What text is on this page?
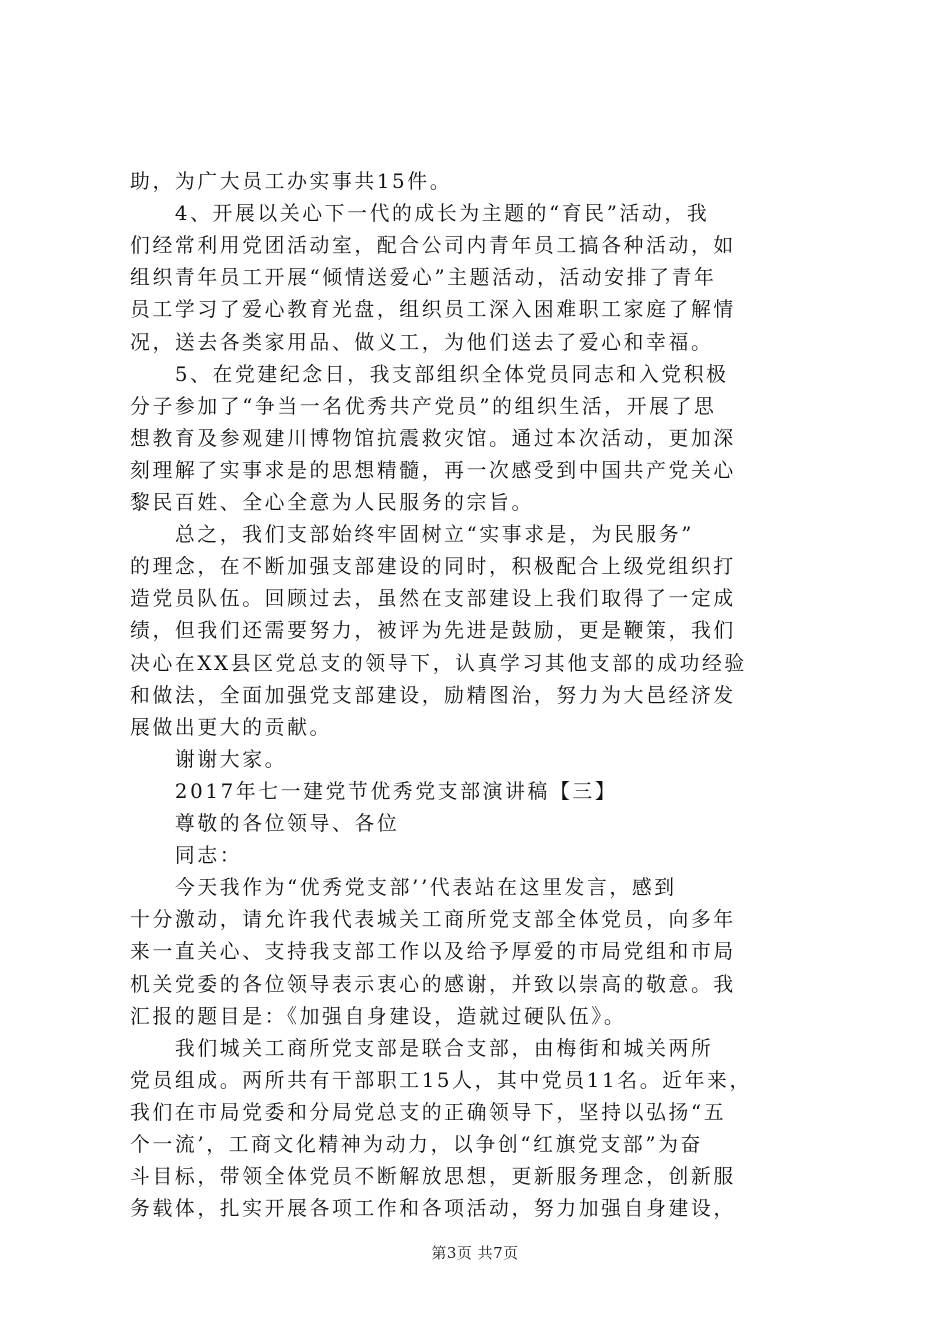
助，为广大员工办实事共15件。
　　4、开展以关心下一代的成长为主题的“育民”活动，我
们经常利用党团活动室，配合公司内青年员工搞各种活动，如
组织青年员工开展“倾情送爱心”主题活动，活动安排了青年
员工学习了爱心教育光盘，组织员工深入困难职工家庭了解情
况，送去各类家用品、做义工，为他们送去了爱心和幸福。
　　5、在党建纪念日，我支部组织全体党员同志和入党积极
分子参加了“争当一名优秀共产党员”的组织生活，开展了思
想教育及参观建川博物馆抗震救灾馆。通过本次活动，更加深
刻理解了实事求是的思想精髓，再一次感受到中国共产党关心
黎民百姓、全心全意为人民服务的宗旨。
　　总之，我们支部始终牢固树立“实事求是，为民服务”
的理念，在不断加强支部建设的同时，积极配合上级党组织打
造党员队伍。回顾过去，虽然在支部建设上我们取得了一定成
绩，但我们还需要努力，被评为先进是鼓励，更是鞭策，我们
决心在XX县区党总支的领导下，认真学习其他支部的成功经验
和做法，全面加强党支部建设，励精图治，努力为大邑经济发
展做出更大的贡献。
　　谢谢大家。
　　2017年七一建党节优秀党支部演讲稿【三】
　　尊敬的各位领导、各位
　　同志：
　　今天我作为“优秀党支部’’代表站在这里发言，感到
十分激动，请允许我代表城关工商所党支部全体党员，向多年
来一直关心、支持我支部工作以及给予厚爱的市局党组和市局
机关党委的各位领导表示衷心的感谢，并致以崇高的敬意。我
汇报的题目是：《加强自身建设，造就过硬队伍》。
　　我们城关工商所党支部是联合支部，由梅街和城关两所
党员组成。两所共有干部职工15人，其中党员11名。近年来，
我们在市局党委和分局党总支的正确领导下，坚持以弘扬“五
个一流’，工商文化精神为动力，以争创“红旗党支部”为奋
斗目标，带领全体党员不断解放思想，更新服务理念，创新服
务载体，扎实开展各项工作和各项活动，努力加强自身建设，
第3页 共7页
